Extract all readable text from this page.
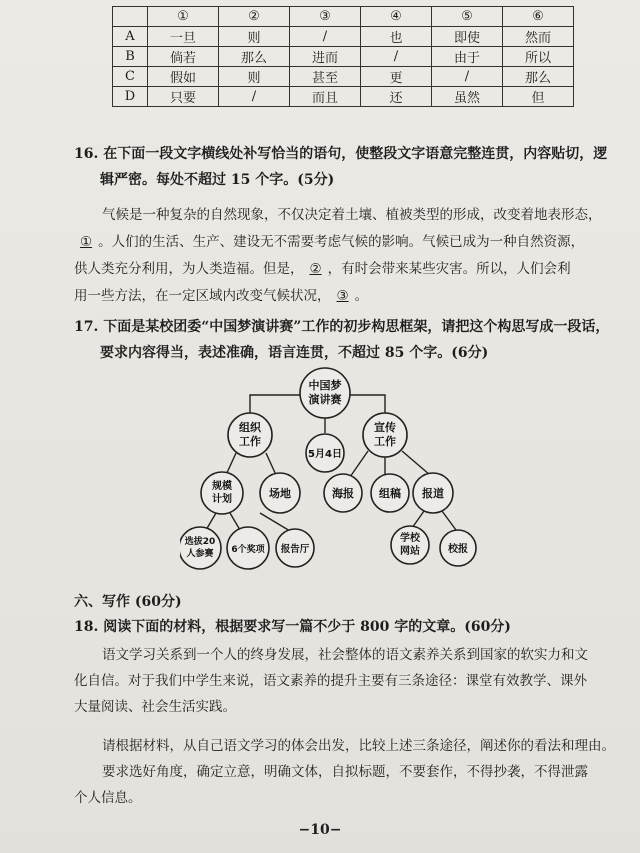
	①	②	③	④	⑤	⑥
A	一旦	则	/	也	即使	然而
B	倘若	那么	进而	/	由于	所以
C	假如	则	甚至	更	/	那么
D	只要	/	而且	还	虽然	但
16. 在下面一段文字横线处补写恰当的语句，使整段文字语意完整连贯，内容贴切，逻
辑严密。每处不超过 15 个字。(5分)
气候是一种复杂的自然现象，不仅决定着土壤、植被类型的形成，改变着地表形态，
① 。人们的生活、生产、建设无不需要考虑气候的影响。气候已成为一种自然资源，
供人类充分利用，为人类造福。但是， ② ，有时会带来某些灾害。所以，人们会利
用一些方法，在一定区域内改变气候状况， ③ 。
17. 下面是某校团委“中国梦演讲赛”工作的初步构思框架，请把这个构思写成一段话，
要求内容得当，表述准确，语言连贯，不超过 85 个字。(6分)
中国梦
演讲赛
组织
工作
5月4日
宣传
工作
规模
计划	场地	海报 组稿 报道
选拔20
人参赛 6个奖项 报告厅
学校
网站	校报
六、写作 (60分)
18. 阅读下面的材料，根据要求写一篇不少于 800 字的文章。(60分)
语文学习关系到一个人的终身发展，社会整体的语文素养关系到国家的软实力和文
化自信。对于我们中学生来说，语文素养的提升主要有三条途径：课堂有效教学、课外
大量阅读、社会生活实践。
请根据材料，从自己语文学习的体会出发，比较上述三条途径，阐述你的看法和理由。
要求选好角度，确定立意，明确文体，自拟标题，不要套作，不得抄袭，不得泄露
个人信息。
−10−
